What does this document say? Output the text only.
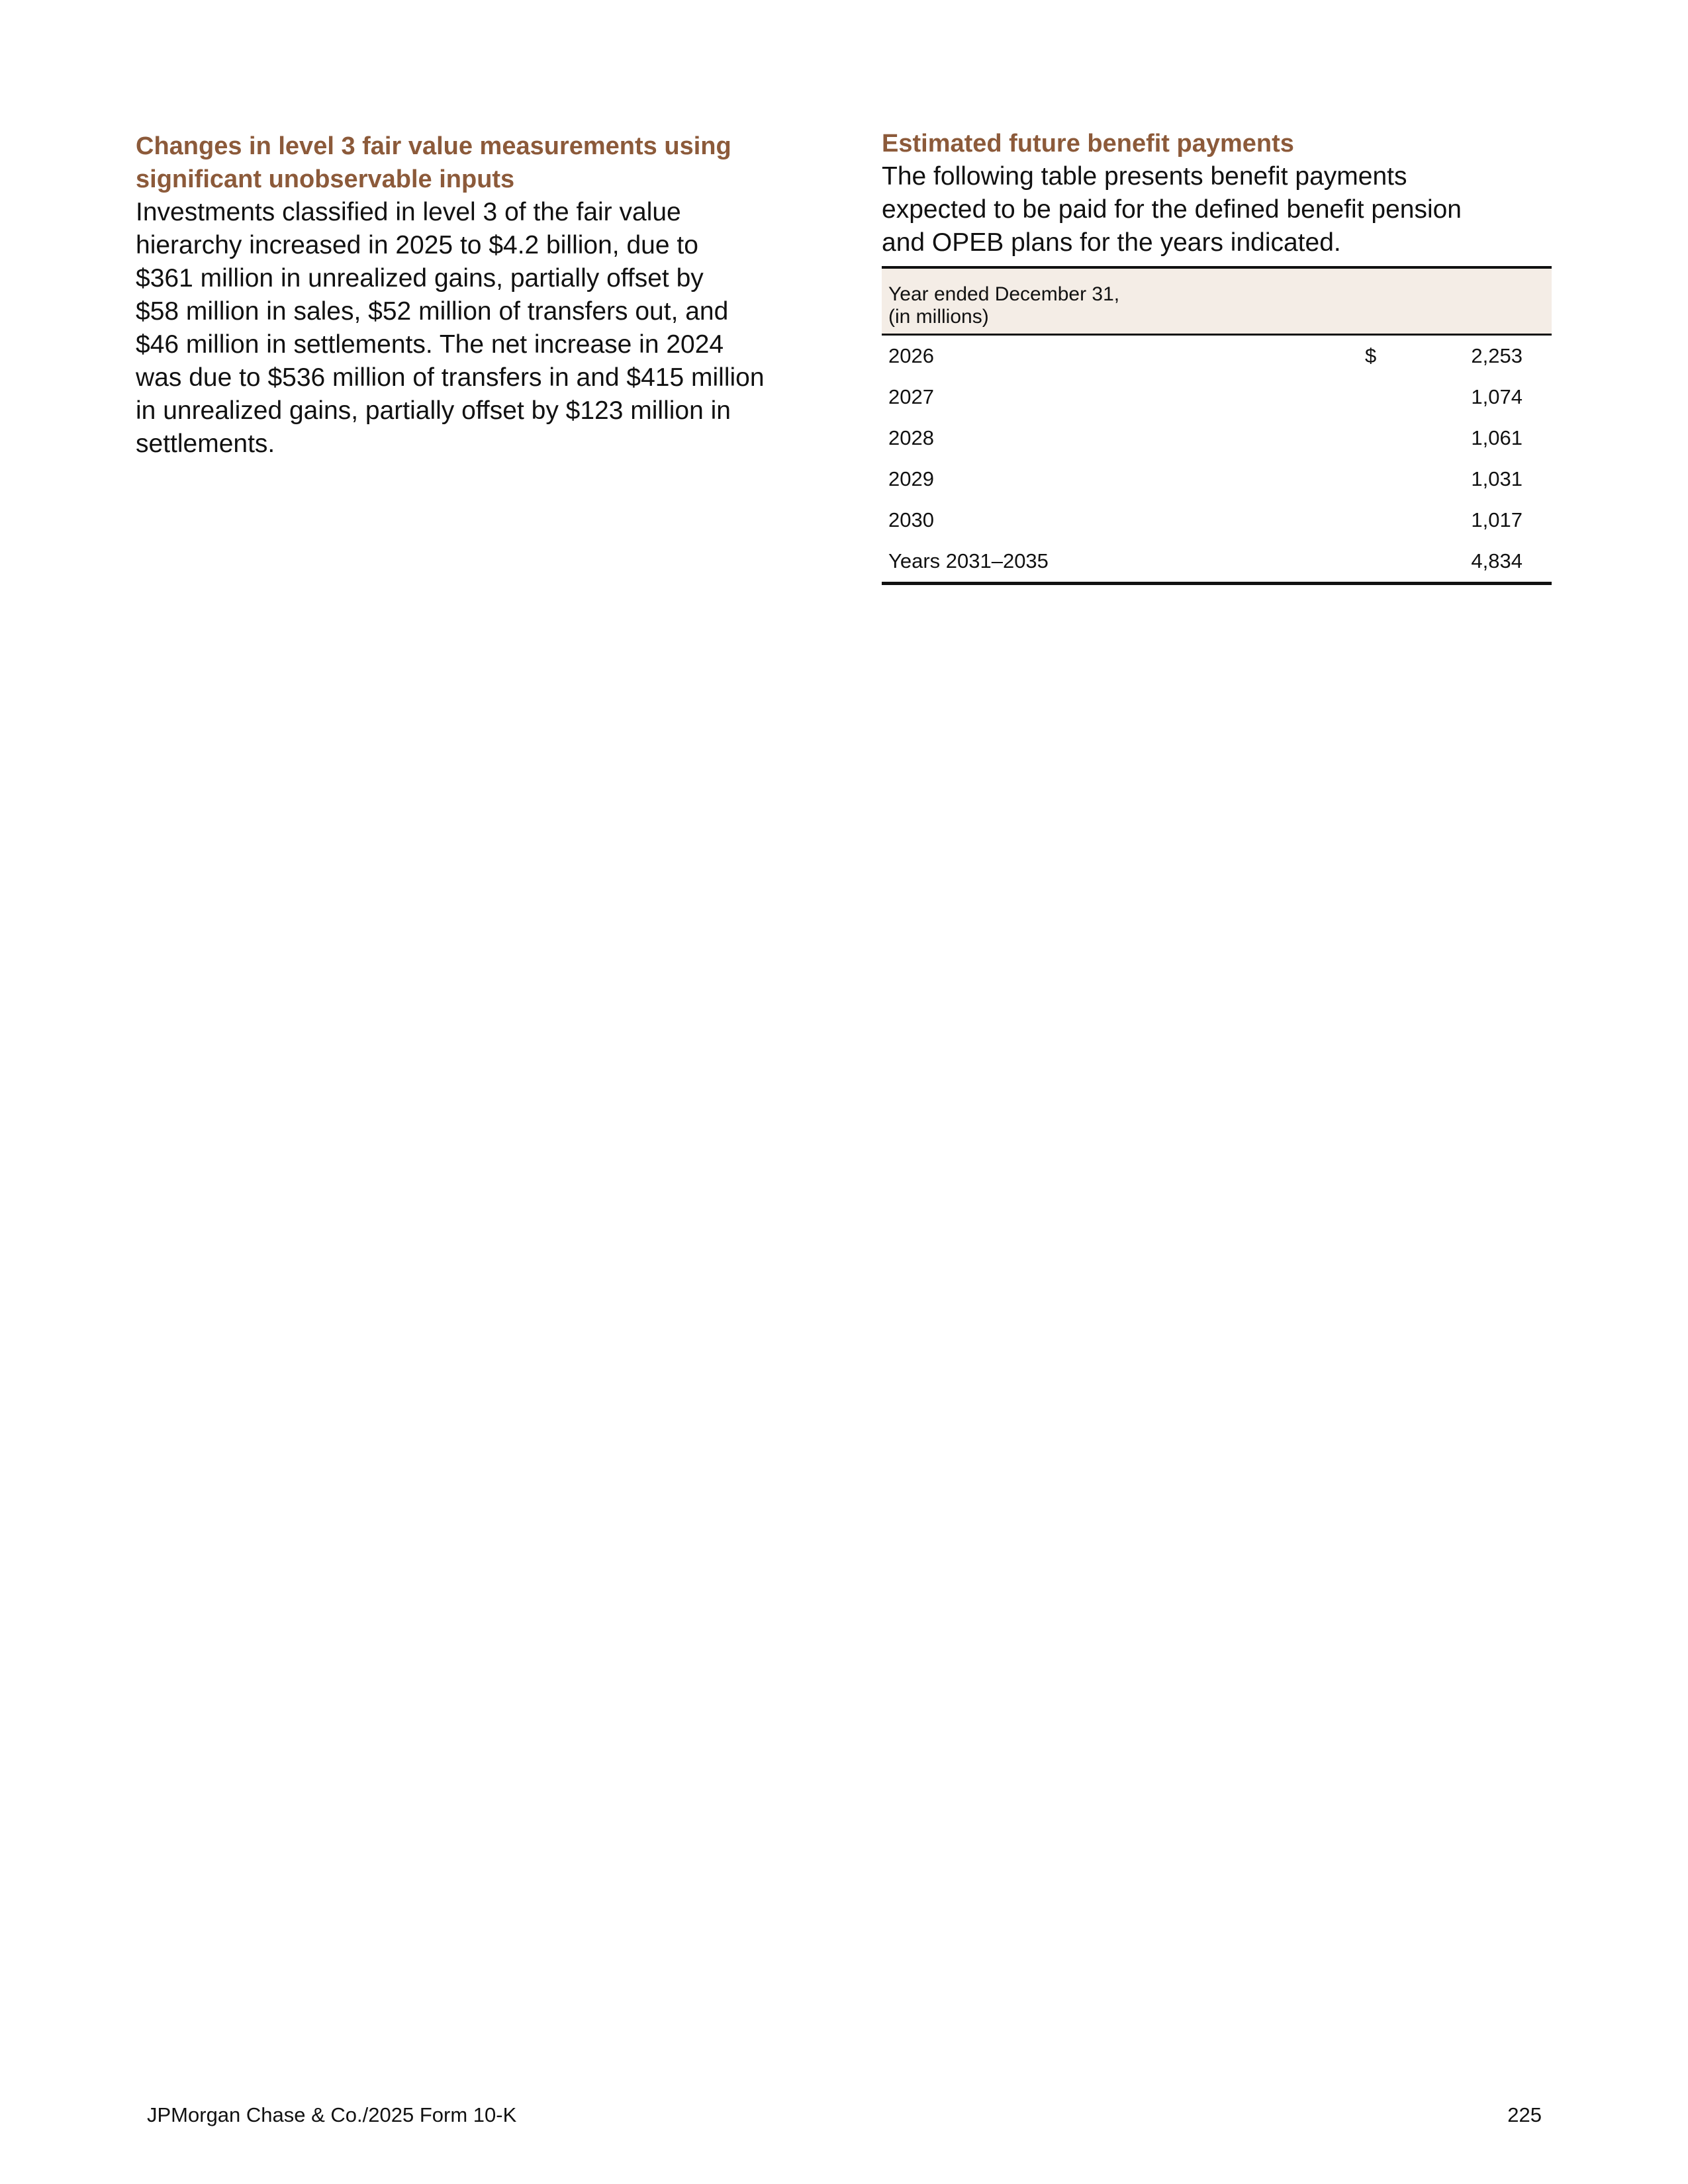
Changes in level 3 fair value measurements using
significant unobservable inputs

Investments classified in level 3 of the fair value
hierarchy increased in 2025 to $4.2 billion, due to
$361 million in unrealized gains, partially offset by
$58 million in sales, $52 million of transfers out, and
$46 million in settlements. The net increase in 2024
was due to $536 million of transfers in and $415 million
in unrealized gains, partially offset by $123 million in
settlements.

Estimated future benefit payments

The following table presents benefit payments
expected to be paid for the defined benefit pension
and OPEB plans for the years indicated.

Year ended December 31,
(in millions)		

2026	$	2,253
2027		1,074
2028		1,061
2029		1,031
2030		1,017
Years 2031–2035		4,834
JPMorgan Chase & Co./2025 Form 10-K	225
